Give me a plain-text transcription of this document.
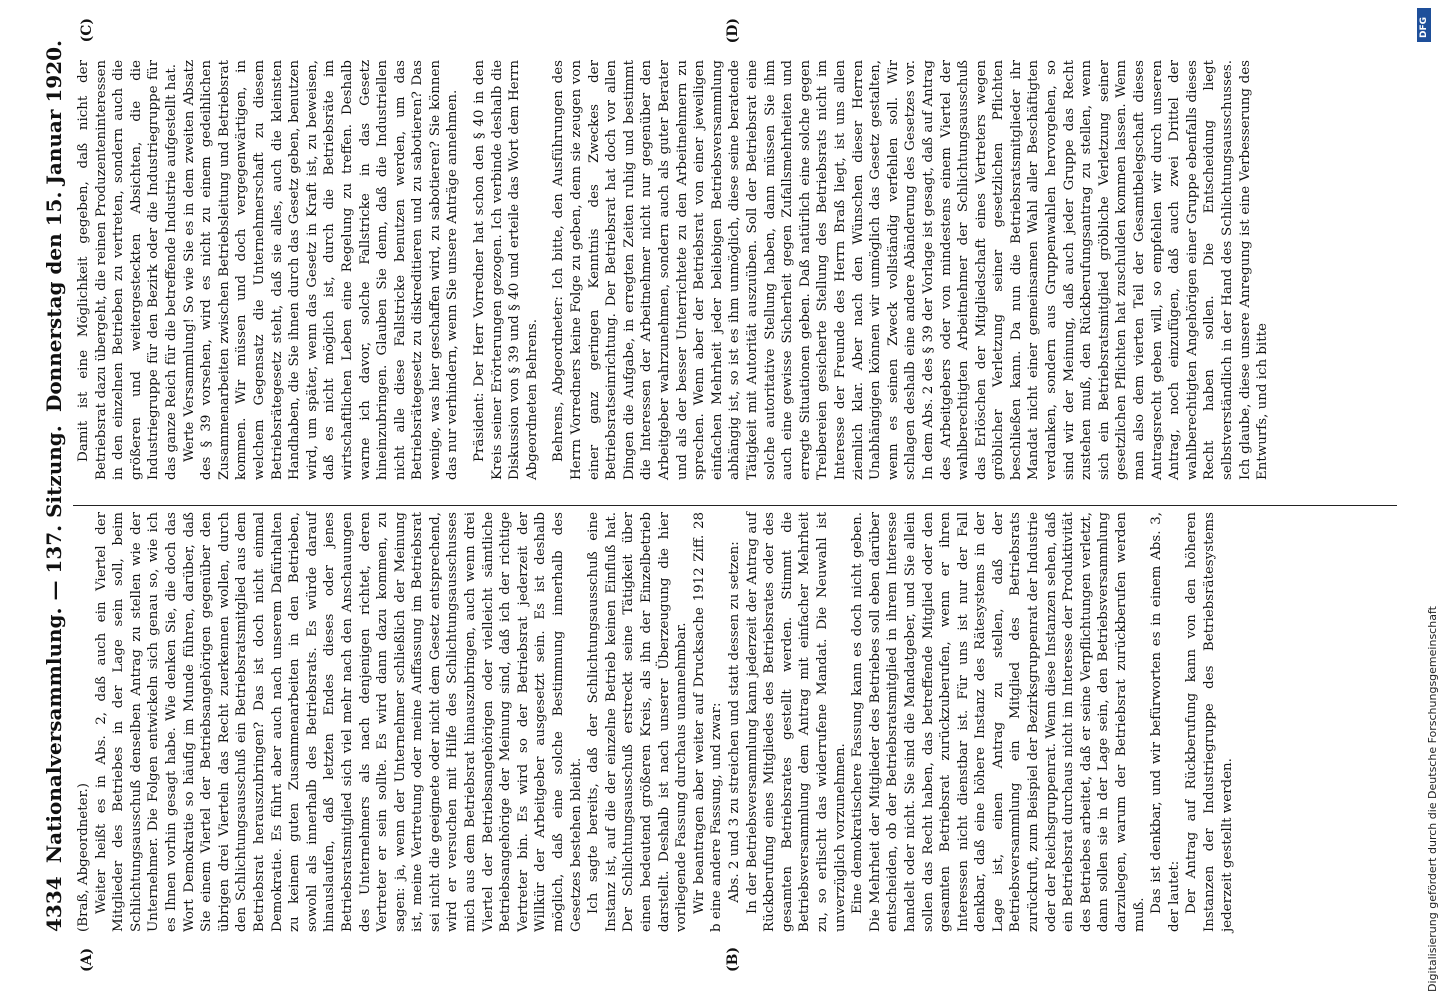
4334
Nationalversammlung. — 137. Sitzung.
Donnerstag den 15. Januar 1920.
(A)	(B)
(C)	(D)

(Braß, Abgeordneter.) Weiter heißt es in Abs. 2, daß auch ein Viertel der Mitglieder des Betriebes in der Lage sein soll, beim Schlichtungsausschuß denselben Antrag zu stellen wie der Unternehmer. Die Folgen entwickeln sich genau so, wie ich es Ihnen vorhin gesagt habe. Wie denken Sie, die doch das Wort Demokratie so häufig im Munde führen, darüber, daß Sie einem Viertel der Betriebsangehörigen gegenüber den übrigen drei Vierteln das Recht zuerkennen wollen, durch den Schlichtungsausschuß ein Betriebsratsmitglied aus dem Betriebsrat herauszubringen? Das ist doch nicht einmal Demokratie. Es führt aber auch nach unserem Dafürhalten zu keinem guten Zusammenarbeiten in den Betrieben, sowohl als innerhalb des Betriebsrats. Es würde darauf hinauslaufen, daß letzten Endes dieses oder jenes Betriebsratsmitglied sich viel mehr nach den Anschauungen des Unternehmers als nach denjenigen richtet, deren Vertreter er sein sollte. Es wird dann dazu kommen, zu sagen: ja, wenn der Unternehmer schließlich der Meinung ist, meine Vertretung oder meine Auffassung im Betriebsrat sei nicht die geeignete oder nicht dem Gesetz entsprechend, wird er versuchen mit Hilfe des Schlichtungsausschusses mich aus dem Betriebsrat hinauszubringen, auch wenn drei Viertel der Betriebsangehörigen oder vielleicht sämtliche Betriebsangehörige der Meinung sind, daß ich der richtige Vertreter bin. Es wird so der Betriebsrat jederzeit der Willkür der Arbeitgeber ausgesetzt sein. Es ist deshalb möglich, daß eine solche Bestimmung innerhalb des Gesetzes bestehen bleibt. Ich sagte bereits, daß der Schlichtungsausschuß eine Instanz ist, auf die der einzelne Betrieb keinen Einfluß hat. Der Schlichtungsausschuß erstreckt seine Tätigkeit über einen bedeutend größeren Kreis, als ihn der Einzelbetrieb darstellt. Deshalb ist nach unserer Überzeugung die hier vorliegende Fassung durchaus unannehmbar. Wir beantragen aber weiter auf Drucksache 1912 Ziff. 28 b eine andere Fassung, und zwar: Abs. 2 und 3 zu streichen und statt dessen zu setzen: In der Betriebsversammlung kann jederzeit der Antrag auf Rückberufung eines Mitgliedes des Betriebsrates oder des gesamten Betriebsrates gestellt werden. Stimmt die Betriebsversammlung dem Antrag mit einfacher Mehrheit zu, so erlischt das widerrufene Mandat. Die Neuwahl ist unverzüglich vorzunehmen. Eine demokratischere Fassung kann es doch nicht geben. Die Mehrheit der Mitglieder des Betriebes soll eben darüber entscheiden, ob der Betriebsratsmitglied in ihrem Interesse handelt oder nicht. Sie sind die Mandatgeber, und Sie allein sollen das Recht haben, das betreffende Mitglied oder den gesamten Betriebsrat zurückzuberufen, wenn er ihren Interessen nicht dienstbar ist. Für uns ist nur der Fall denkbar, daß eine höhere Instanz des Rätesystems in der Lage ist, einen Antrag zu stellen, daß der Betriebsversammlung ein Mitglied des Betriebsrats zurückruft, zum Beispiel der Bezirksgruppenrat der Industrie oder der Reichsgruppenrat. Wenn diese Instanzen sehen, daß ein Betriebsrat durchaus nicht im Interesse der Produktivität des Betriebes arbeitet, daß er seine Verpflichtungen verletzt, dann sollen sie in der Lage sein, den Betriebsversammlung darzulegen, warum der Betriebsrat zurückberufen werden muß.

Das ist denkbar, und wir befürworten es in einem Abs. 3, der lautet: Der Antrag auf Rückberufung kann von den höheren Instanzen der Industriegruppe des Betriebsrätesystems jederzeit gestellt werden.

Damit ist eine Möglichkeit gegeben, daß nicht der Betriebsrat dazu übergeht, die reinen Produzenteninteressen in den einzelnen Betrieben zu vertreten, sondern auch die größeren und weitergesteckten Absichten, die die Industriegruppe für den Bezirk oder die Industriegruppe für das ganze Reich für die betreffende Industrie aufgestellt hat. Werte Versammlung! So wie Sie es in dem zweiten Absatz des § 39 vorsehen, wird es nicht zu einem gedeihlichen Zusammenarbeiten zwischen Betriebsleitung und Betriebsrat kommen. Wir müssen und doch vergegenwärtigen, in welchem Gegensatz die Unternehmerschaft zu diesem Betriebsrätegesetz steht, daß sie alles, auch die kleinsten Handhaben, die Sie ihnen durch das Gesetz geben, benutzen wird, um später, wenn das Gesetz in Kraft ist, zu beweisen, daß es nicht möglich ist, durch die Betriebsräte im wirtschaftlichen Leben eine Regelung zu treffen. Deshalb warne ich davor, solche Fallstricke in das Gesetz hineinzubringen. Glauben Sie denn, daß die Industriellen nicht alle diese Fallstricke benutzen werden, um das Betriebsrätegesetz zu diskreditieren und zu sabotieren? Das wenige, was hier geschaffen wird, zu sabotieren? Sie können das nur verhindern, wenn Sie unsere Anträge annehmen. Präsident: Der Herr Vorredner hat schon den § 40 in den Kreis seiner Erörterungen gezogen. Ich verbinde deshalb die Diskussion von § 39 und § 40 und erteile das Wort dem Herrn Abgeordneten Behrens. Behrens, Abgeordneter: Ich bitte, den Ausführungen des Herrn Vorredners keine Folge zu geben, denn sie zeugen von einer ganz geringen Kenntnis des Zweckes der Betriebsratseinrichtung. Der Betriebsrat hat doch vor allen Dingen die Aufgabe, in erregten Zeiten ruhig und bestimmt die Interessen der Arbeitnehmer nicht nur gegenüber den Arbeitgeber wahrzunehmen, sondern auch als guter Berater und als der besser Unterrichtete zu den Arbeitnehmern zu sprechen. Wenn aber der Betriebsrat von einer jeweiligen einfachen Mehrheit jeder beliebigen Betriebsversammlung abhängig ist, so ist es ihm unmöglich, diese seine beratende Tätigkeit mit Autorität auszuüben. Soll der Betriebsrat eine solche autoritative Stellung haben, dann müssen Sie ihm auch eine gewisse Sicherheit gegen Zufallsmehrheiten und erregte Situationen geben. Daß natürlich eine solche gegen Treibereien gesicherte Stellung des Betriebsrats nicht im Interesse der Freunde des Herrn Braß liegt, ist uns allen ziemlich klar. Aber nach den Wünschen dieser Herren Unabhängigen können wir unmöglich das Gesetz gestalten, wenn es seinen Zweck vollständig verfehlen soll. Wir schlagen deshalb eine andere Abänderung des Gesetzes vor. In dem Abs. 2 des § 39 der Vorlage ist gesagt, daß auf Antrag des Arbeitgebers oder von mindestens einem Viertel der wahlberechtigten Arbeitnehmer der Schlichtungsausschuß das Erlöschen der Mitgliedschaft eines Vertreters wegen gröblicher Verletzung seiner gesetzlichen Pflichten beschließen kann. Da nun die Betriebsratsmitglieder ihr Mandat nicht einer gemeinsamen Wahl aller Beschäftigten verdanken, sondern aus Gruppenwahlen hervorgehen, so sind wir der Meinung, daß auch jeder Gruppe das Recht zustehen muß, den Rückberufungsantrag zu stellen, wenn sich ein Betriebsratsmitglied gröbliche Verletzung seiner gesetzlichen Pflichten hat zuschulden kommen lassen. Wenn man also dem vierten Teil der Gesamtbelegschaft dieses Antragsrecht geben will, so empfehlen wir durch unseren Antrag, noch einzufügen, daß auch zwei Drittel der wahlberechtigten Angehörigen einer Gruppe ebenfalls dieses Recht haben sollen. Die Entscheidung liegt selbstverständlich in der Hand des Schlichtungsausschusses. Ich glaube, diese unsere Anregung ist eine Verbesserung des Entwurfs, und ich bitte

DFG
Digitalisierung gefördert durch die Deutsche Forschungsgemeinschaft
